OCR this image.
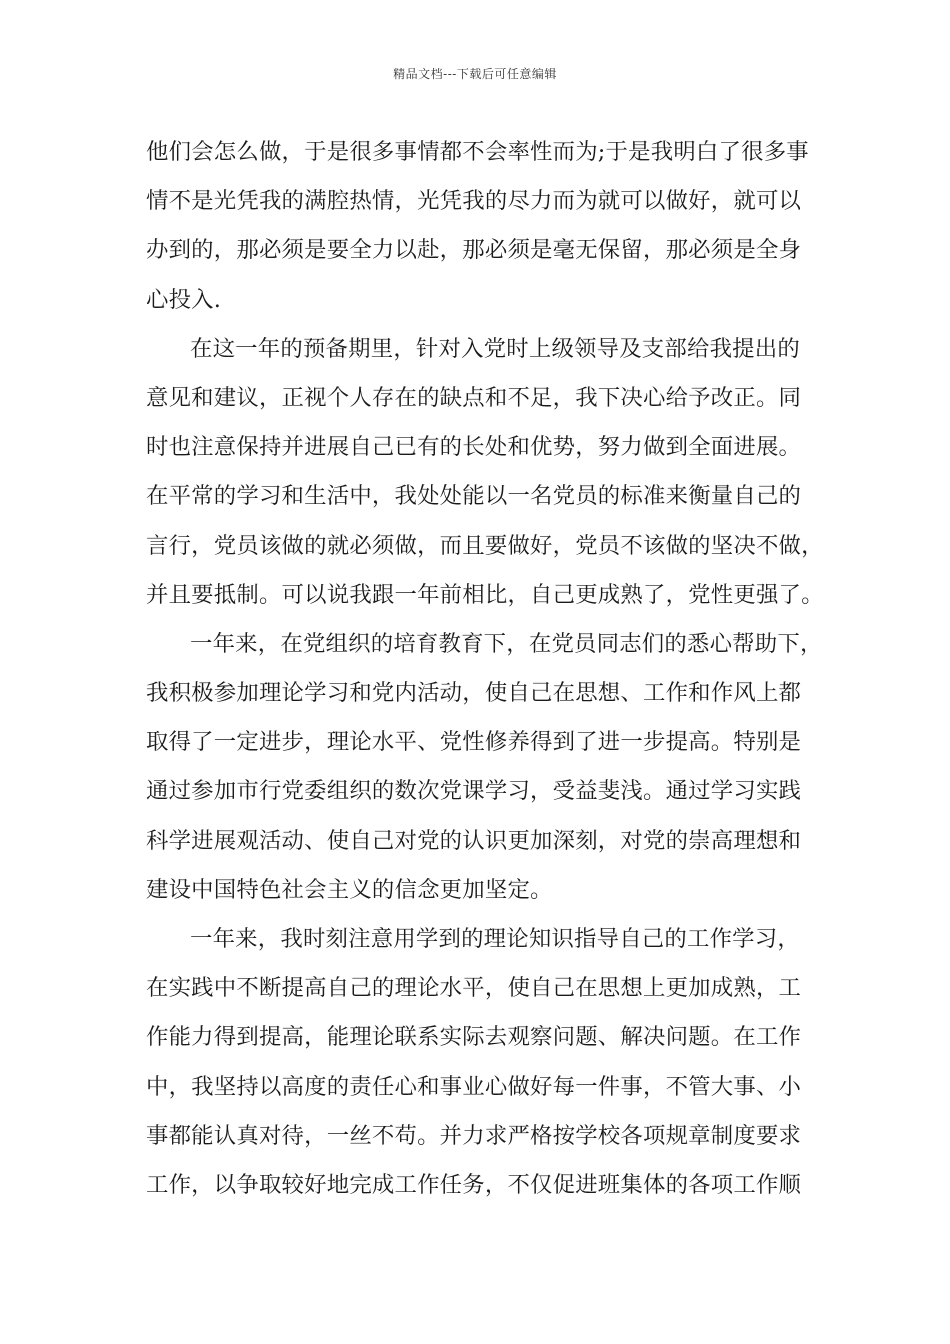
精品文档---下载后可任意编辑
他们会怎么做，于是很多事情都不会率性而为;于是我明白了很多事
情不是光凭我的满腔热情，光凭我的尽力而为就可以做好，就可以
办到的，那必须是要全力以赴，那必须是毫无保留，那必须是全身
心投入.
在这一年的预备期里，针对入党时上级领导及支部给我提出的
意见和建议，正视个人存在的缺点和不足，我下决心给予改正。同
时也注意保持并进展自己已有的长处和优势，努力做到全面进展。
在平常的学习和生活中，我处处能以一名党员的标准来衡量自己的
言行，党员该做的就必须做，而且要做好，党员不该做的坚决不做，
并且要抵制。可以说我跟一年前相比，自己更成熟了，党性更强了。
一年来，在党组织的培育教育下，在党员同志们的悉心帮助下，
我积极参加理论学习和党内活动，使自己在思想、工作和作风上都
取得了一定进步，理论水平、党性修养得到了进一步提高。特别是
通过参加市行党委组织的数次党课学习，受益斐浅。通过学习实践
科学进展观活动、使自己对党的认识更加深刻，对党的崇高理想和
建设中国特色社会主义的信念更加坚定。
一年来，我时刻注意用学到的理论知识指导自己的工作学习，
在实践中不断提高自己的理论水平，使自己在思想上更加成熟，工
作能力得到提高，能理论联系实际去观察问题、解决问题。在工作
中，我坚持以高度的责任心和事业心做好每一件事，不管大事、小
事都能认真对待，一丝不苟。并力求严格按学校各项规章制度要求
工作，以争取较好地完成工作任务，不仅促进班集体的各项工作顺
